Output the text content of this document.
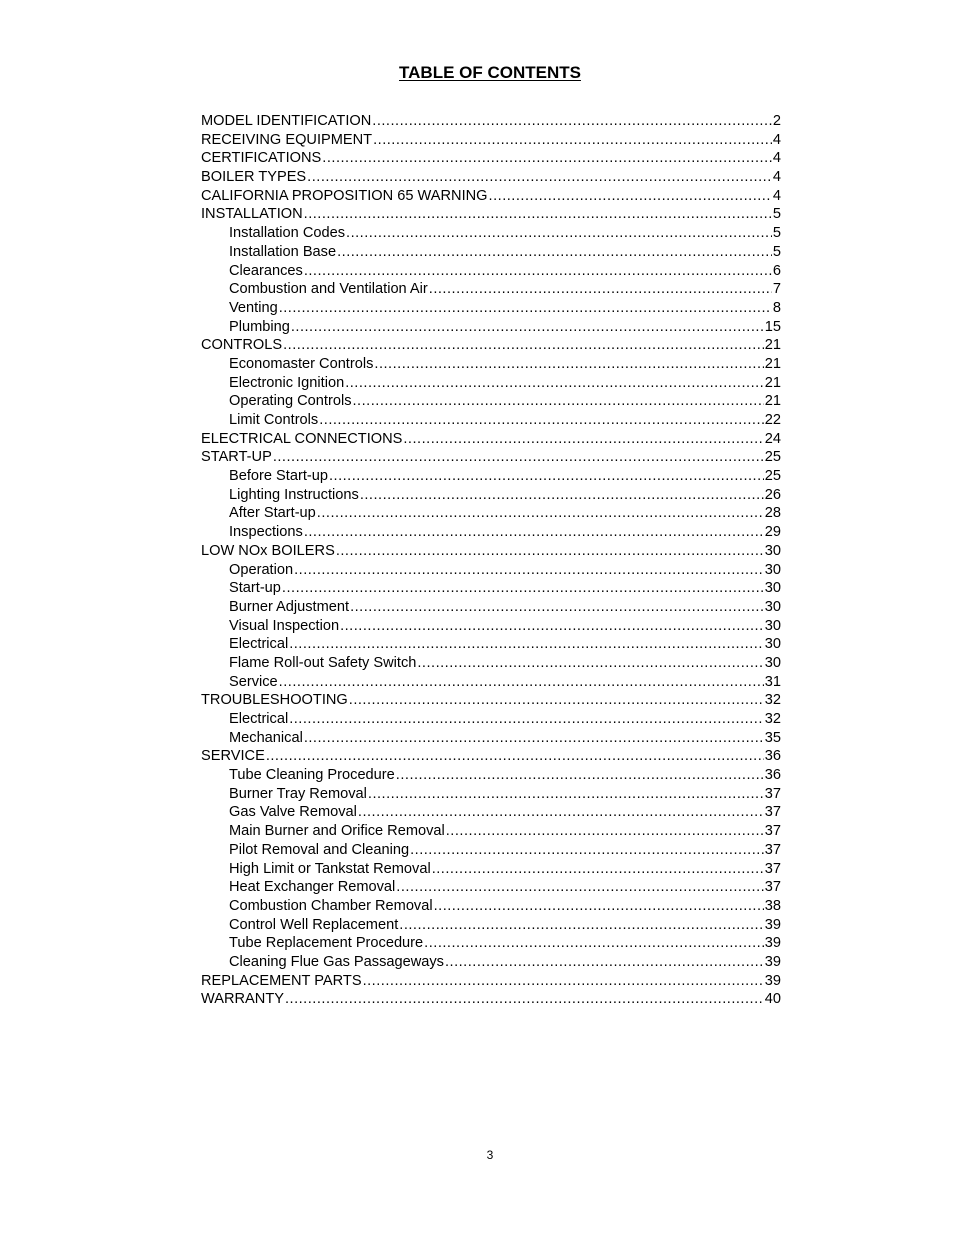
TABLE OF CONTENTS
MODEL IDENTIFICATION .....	2
RECEIVING EQUIPMENT .....	4
CERTIFICATIONS .....	4
BOILER TYPES .....	4
CALIFORNIA PROPOSITION 65 WARNING .....	4
INSTALLATION .....	5
Installation Codes .....	5
Installation Base .....	5
Clearances .....	6
Combustion and Ventilation Air .....	7
Venting .....	8
Plumbing .....	15
CONTROLS .....	21
Economaster Controls .....	21
Electronic Ignition .....	21
Operating Controls .....	21
Limit Controls .....	22
ELECTRICAL CONNECTIONS .....	24
START-UP .....	25
Before Start-up .....	25
Lighting Instructions .....	26
After Start-up .....	28
Inspections .....	29
LOW NOx BOILERS .....	30
Operation .....	30
Start-up .....	30
Burner Adjustment .....	30
Visual Inspection .....	30
Electrical .....	30
Flame Roll-out Safety Switch .....	30
Service .....	31
TROUBLESHOOTING .....	32
Electrical .....	32
Mechanical .....	35
SERVICE .....	36
Tube Cleaning Procedure .....	36
Burner Tray Removal .....	37
Gas Valve Removal .....	37
Main Burner and Orifice Removal .....	37
Pilot Removal and Cleaning .....	37
High Limit or Tankstat Removal .....	37
Heat Exchanger Removal .....	37
Combustion Chamber Removal .....	38
Control Well Replacement .....	39
Tube Replacement Procedure .....	39
Cleaning Flue Gas Passageways .....	39
REPLACEMENT PARTS .....	39
WARRANTY .....	40
3
